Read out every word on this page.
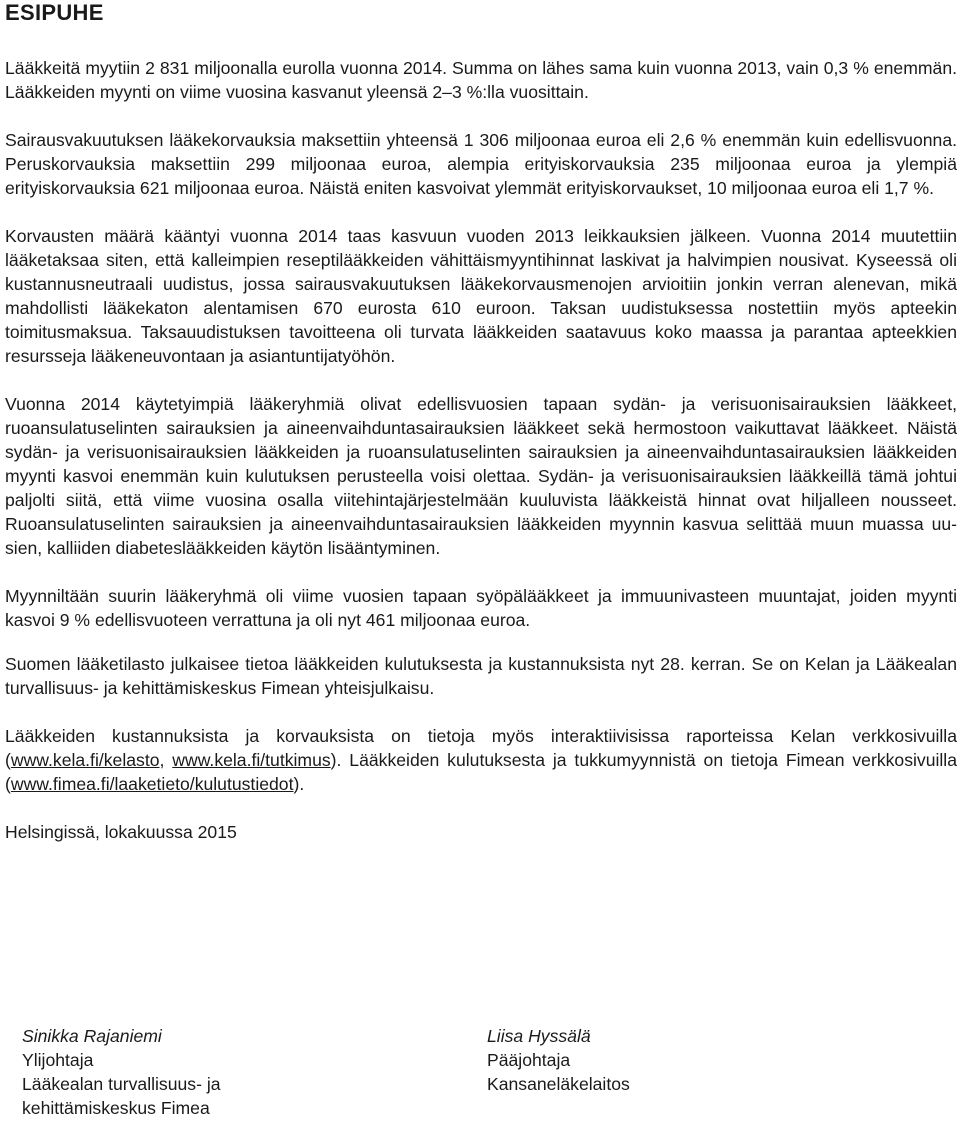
ESIPUHE

Lääkkeitä myytiin 2 831 miljoonalla eurolla vuonna 2014. Summa on lähes sama kuin vuonna 2013, vain 0,3 % enemmän. Lääkkeiden myynti on viime vuosina kasvanut yleensä 2–3 %:lla vuosittain.

Sairausvakuutuksen lääkekorvauksia maksettiin yhteensä 1 306 miljoonaa euroa eli 2,6 % enemmän kuin edellisvuonna. Peruskorvauksia maksettiin 299 miljoonaa euroa, alempia erityiskorvauksia 235 miljoonaa euroa ja ylempiä erityiskorvauksia 621 miljoonaa euroa. Näistä eniten kasvoivat ylemmät erityiskorvaukset, 10 miljoonaa euroa eli 1,7 %.

Korvausten määrä kääntyi vuonna 2014 taas kasvuun vuoden 2013 leikkauksien jälkeen. Vuonna 2014 muutettiin lääketaksaa siten, että kalleimpien reseptilääkkeiden vähittäismyyntihinnat laskivat ja halvimpien nousivat. Kyseessä oli kustannusneutraali uudistus, jossa sairausvakuutuksen lääkekorvausmenojen arvioitiin jonkin verran alenevan, mikä mahdollisti lääkekaton alentamisen 670 eurosta 610 euroon. Taksan uudistuksessa nostettiin myös apteekin toimitusmaksua. Taksauudistuksen tavoitteena oli turvata lääkkeiden saatavuus koko maassa ja parantaa apteekkien resursseja lääkeneuvontaan ja asiantuntijatyöhön.

Vuonna 2014 käytetyimpiä lääkeryhmiä olivat edellisvuosien tapaan sydän- ja verisuonisairauksien lääkkeet, ruoansulatuselinten sairauksien ja aineenvaihduntasairauksien lääkkeet sekä hermostoon vaikuttavat lääkkeet. Näistä sydän- ja verisuonisairauksien lääkkeiden ja ruoansulatuselinten sairauksien ja aineenvaihduntasairauksien lääkkeiden myynti kasvoi enemmän kuin kulutuksen perusteella voisi olettaa. Sydän- ja verisuonisairauksien lääkkeillä tämä johtui paljolti siitä, että viime vuosina osalla viitehintajärjestelmään kuuluvista lääkkeistä hinnat ovat hiljalleen nousseet. Ruoansulatuselinten sairauksien ja aineenvaihduntasairauksien lääkkeiden myynnin kasvua selittää muun muassa uusien, kalliiden diabeteslääkkeiden käytön lisääntyminen.

Myynniltään suurin lääkeryhmä oli viime vuosien tapaan syöpälääkkeet ja immuunivasteen muuntajat, joiden myynti kasvoi 9 % edellisvuoteen verrattuna ja oli nyt 461 miljoonaa euroa.

Suomen lääketilasto julkaisee tietoa lääkkeiden kulutuksesta ja kustannuksista nyt 28. kerran. Se on Kelan ja Lääkealan turvallisuus- ja kehittämiskeskus Fimean yhteisjulkaisu.

Lääkkeiden kustannuksista ja korvauksista on tietoja myös interaktiivisissa raporteissa Kelan verkkosivuilla (www.kela.fi/kelasto, www.kela.fi/tutkimus). Lääkkeiden kulutuksesta ja tukkumyynnistä on tietoja Fimean verkkosivuilla (www.fimea.fi/laaketieto/kulutustiedot).

Helsingissä, lokakuussa 2015

Sinikka Rajaniemi
Ylijohtaja
Lääkealan turvallisuus- ja
kehittämiskeskus Fimea
Liisa Hyssälä
Pääjohtaja
Kansaneläkelaitos
